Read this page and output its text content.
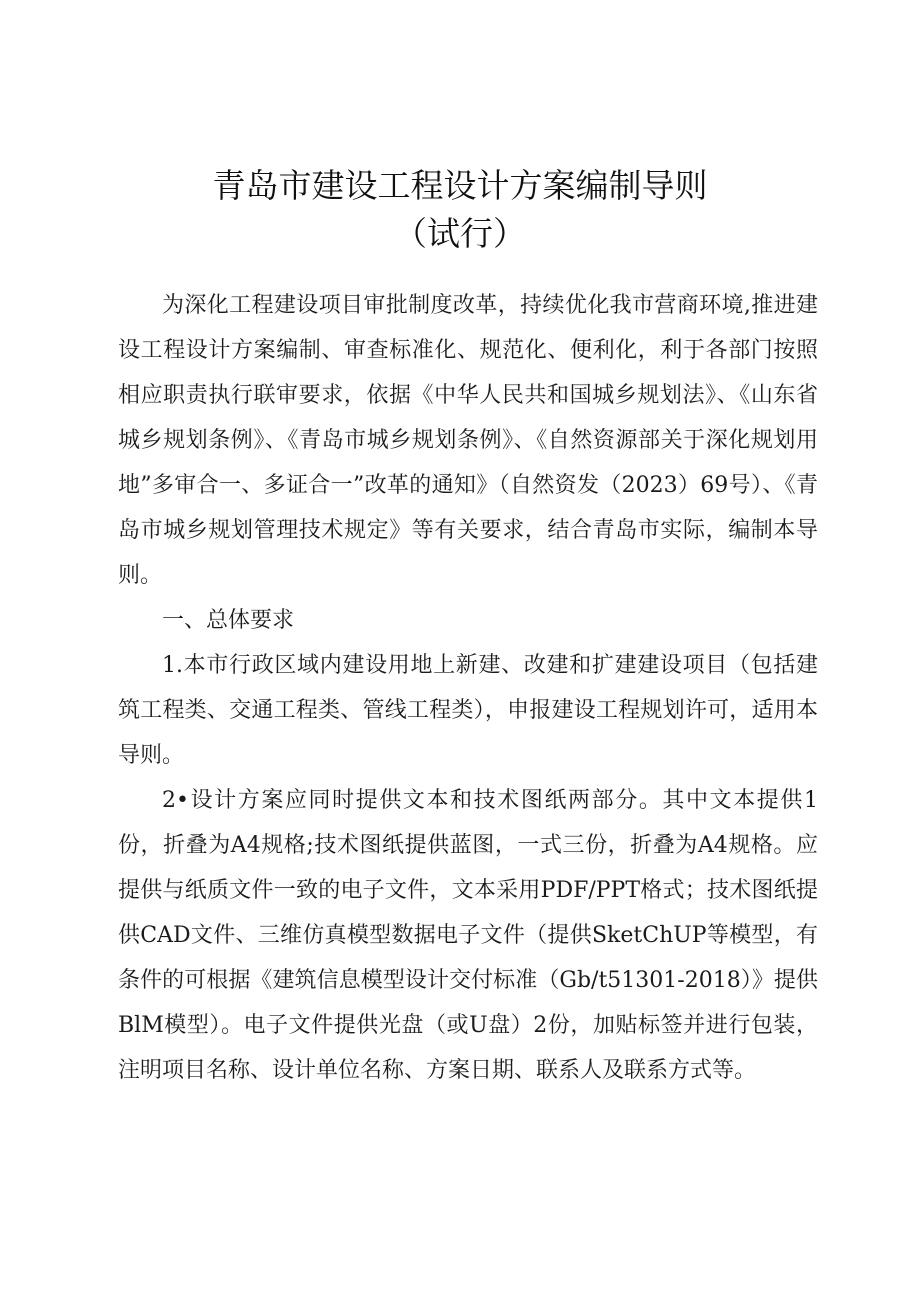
青岛市建设工程设计方案编制导则
（试行）

为深化工程建设项目审批制度改革，持续优化我市营商环境,推进建设工程设计方案编制、审查标准化、规范化、便利化，利于各部门按照相应职责执行联审要求，依据《中华人民共和国城乡规划法》、《山东省城乡规划条例》、《青岛市城乡规划条例》、《自然资源部关于深化规划用地”多审合一、多证合一”改革的通知》（自然资发（2023）69号）、《青岛市城乡规划管理技术规定》等有关要求，结合青岛市实际，编制本导则。

一、总体要求

1.本市行政区域内建设用地上新建、改建和扩建建设项目（包括建筑工程类、交通工程类、管线工程类），申报建设工程规划许可，适用本导则。

2•设计方案应同时提供文本和技术图纸两部分。其中文本提供1份，折叠为A4规格;技术图纸提供蓝图，一式三份，折叠为A4规格。应提供与纸质文件一致的电子文件，文本采用PDF/PPT格式；技术图纸提供CAD文件、三维仿真模型数据电子文件（提供SketChUP等模型，有条件的可根据《建筑信息模型设计交付标准（Gb/t51301-2018）》提供BlM模型）。电子文件提供光盘（或U盘）2份，加贴标签并进行包装，注明项目名称、设计单位名称、方案日期、联系人及联系方式等。
